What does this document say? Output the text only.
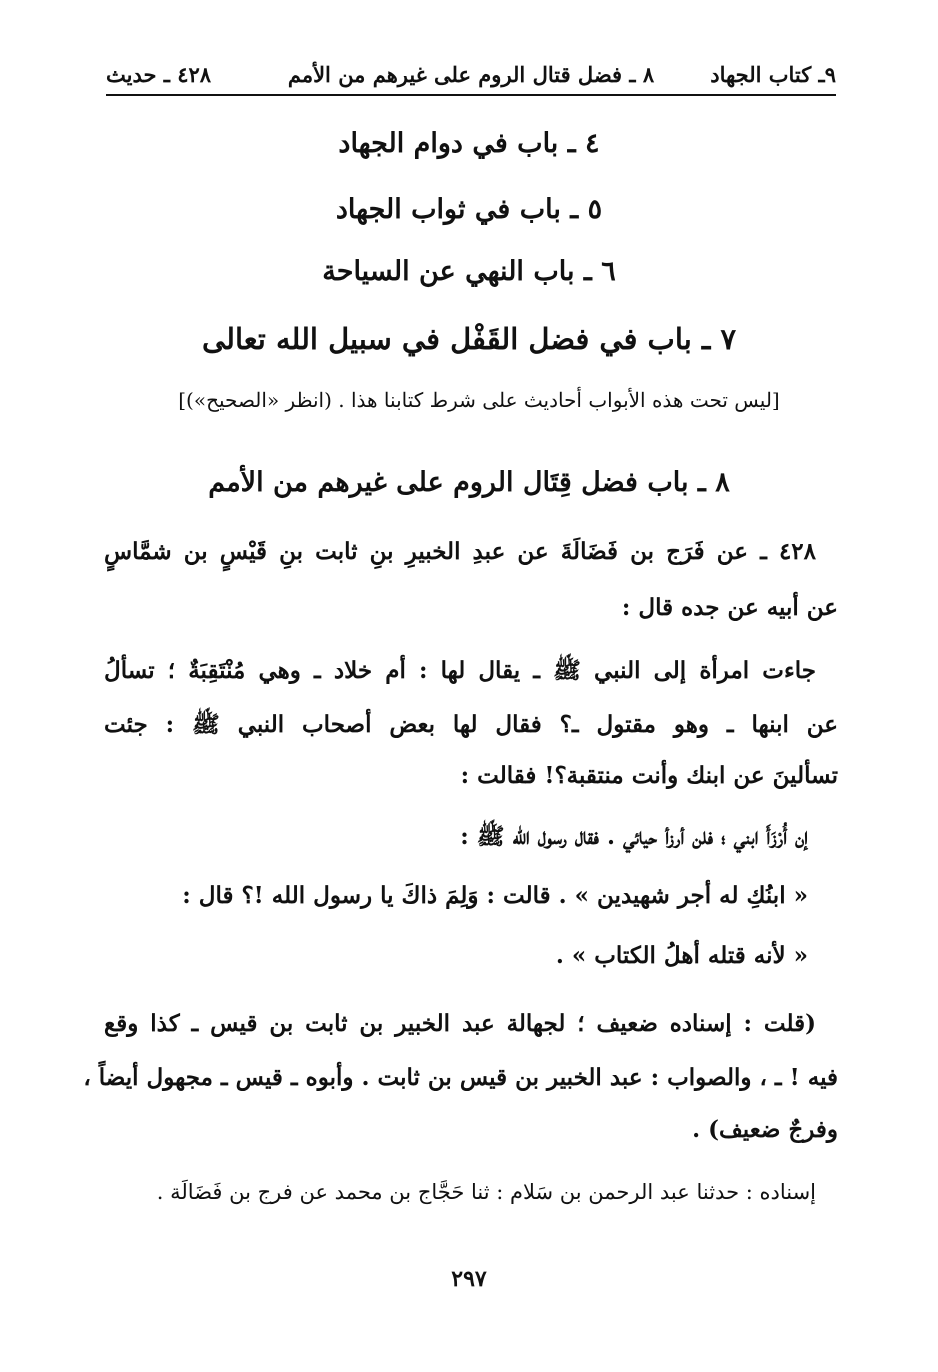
٩ـ كتاب الجهاد
٨ ـ فضل قتال الروم على غيرهم من الأمم
٤٢٨ ـ حديث
٤ ـ باب في دوام الجهاد
٥ ـ باب في ثواب الجهاد
٦ ـ باب النهي عن السياحة
٧ ـ باب في فضل القَفْل في سبيل الله تعالى
[ليس تحت هذه الأبواب أحاديث على شرط كتابنا هذا . (انظر «الصحيح»)]
٨ ـ باب فضل قِتَال الروم على غيرهم من الأمم
٤٢٨ ـ عن فَرَج بن فَضَالَةَ عن عبدِ الخبيرِ بنِ ثابت بنِ قَيْسٍ بن شمَّاسٍ
عن أبيه عن جده قال :
جاءت امرأة إلى النبي ﷺ ـ يقال لها : أم خلاد ـ وهي مُنْتَقِبَةٌ ؛ تسألُ
عن ابنها ـ وهو مقتول ـ؟ فقال لها بعض أصحاب النبي ﷺ : جئت
تسألينَ عن ابنك وأنت منتقبة؟! فقالت :
إن أُرْزَأَ ابني ؛ فلن أرزأ حيائي . فقال رسول الله ﷺ :
« ابنُكِ له أجر شهيدين » . قالت : وَلِمَ ذاكَ يا رسول الله !؟ قال :
« لأنه قتله أهلُ الكتاب » .
(قلت : إسناده ضعيف ؛ لجهالة عبد الخبير بن ثابت بن قيس ـ كذا وقع
فيه ! ـ ، والصواب : عبد الخبير بن قيس بن ثابت . وأبوه ـ قيس ـ مجهول أيضاً ،
وفرجٌ ضعيف) .
إسناده : حدثنا عبد الرحمن بن سَلام : ثنا حَجَّاج بن محمد عن فرج بن فَضَالَة .
٢٩٧
